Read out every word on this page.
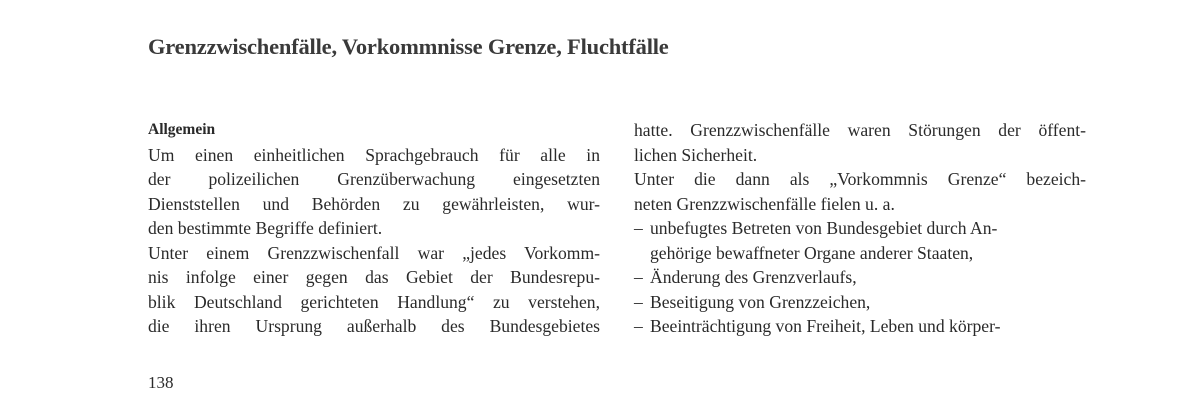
Grenzzwischenfälle, Vorkommnisse Grenze, Fluchtfälle
Allgemein
Um einen einheitlichen Sprachgebrauch für alle in
der polizeilichen Grenzüberwachung eingesetzten
Dienststellen und Behörden zu gewährleisten, wur-
den bestimmte Begriffe definiert.
Unter einem Grenzzwischenfall war „jedes Vorkomm-
nis infolge einer gegen das Gebiet der Bundesrepu-
blik Deutschland gerichteten Handlung“ zu verstehen,
die ihren Ursprung außerhalb des Bundesgebietes
hatte. Grenzzwischenfälle waren Störungen der öffent-
lichen Sicherheit.
Unter die dann als „Vorkommnis Grenze“ bezeich-
neten Grenzzwischenfälle fielen u. a.
– unbefugtes Betreten von Bundesgebiet durch An-
gehörige bewaffneter Organe anderer Staaten,
– Änderung des Grenzverlaufs,
– Beseitigung von Grenzzeichen,
– Beeinträchtigung von Freiheit, Leben und körper-
138
